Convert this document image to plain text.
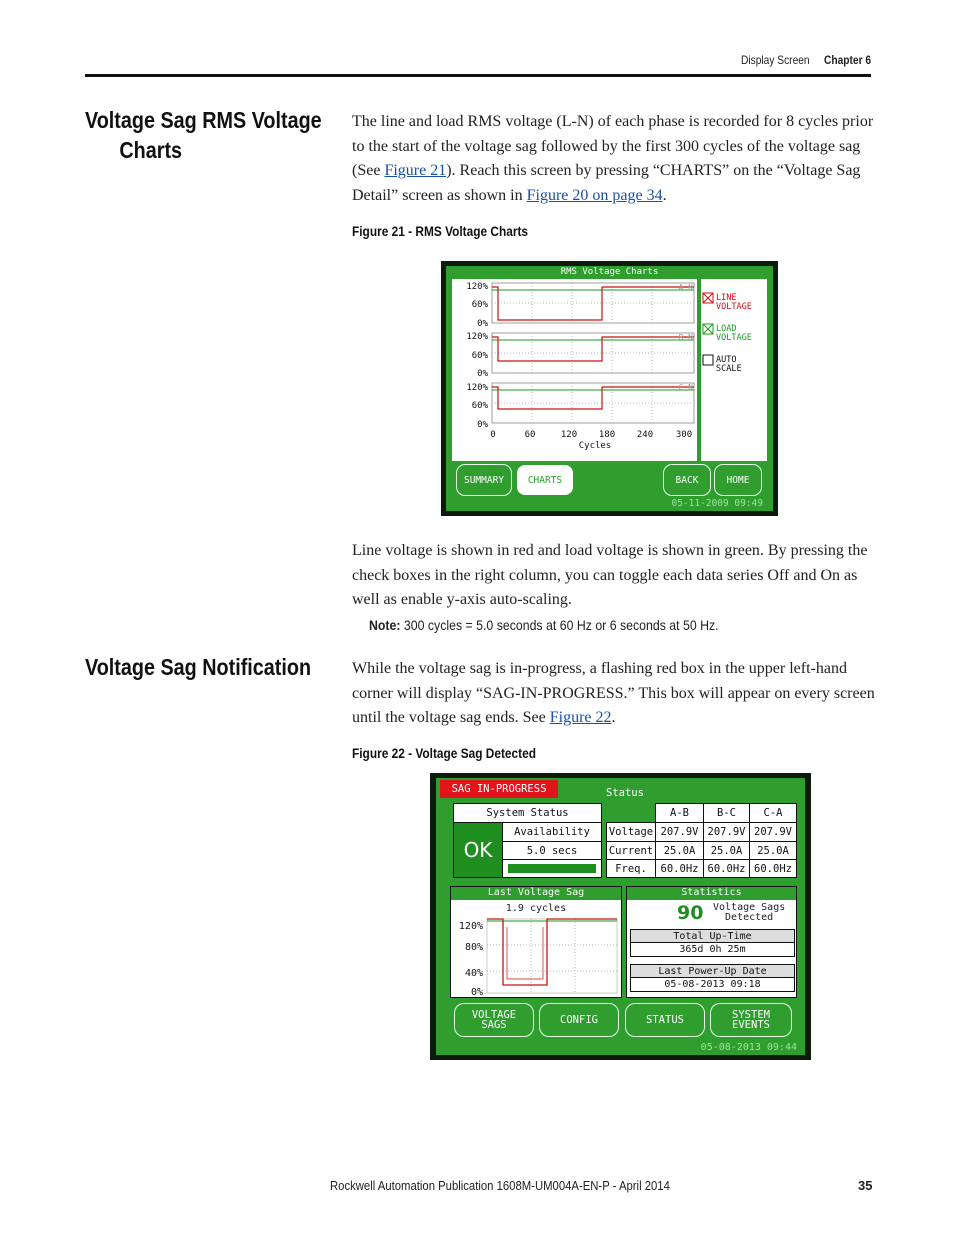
Display Screen Chapter 6
Voltage Sag RMS Voltage
Charts
The line and load RMS voltage (L-N) of each phase is recorded for 8 cycles prior
to the start of the voltage sag followed by the first 300 cycles of the voltage sag
(See Figure 21). Reach this screen by pressing “CHARTS” on the “Voltage Sag
Detail” screen as shown in Figure 20 on page 34.
Figure 21 - RMS Voltage Charts
RMS Voltage Charts
120%
60%
0%
120%
60%
0%
120%
60%
0%
A-N
B-N
C-N
0	60	120 180 240	300
Cycles
LINE
VOLTAGE
LOAD
VOLTAGE
AUTO
SCALE
SUMMARY	CHARTS	BACK	HOME
05-11-2009 09:49
Line voltage is shown in red and load voltage is shown in green. By pressing the
check boxes in the right column, you can toggle each data series Off and On as
well as enable y-axis auto-scaling.
Note: 300 cycles = 5.0 seconds at 60 Hz or 6 seconds at 50 Hz.
Voltage Sag Notification	While the voltage sag is in-progress, a flashing red box in the upper left-hand
corner will display “SAG-IN-PROGRESS.” This box will appear on every screen
until the voltage sag ends. See Figure 22.
Figure 22 - Voltage Sag Detected
SAG IN-PROGRESS	Status
System Status
OK
Availability
5.0 secs
A-B	B-C	C-A
Voltage 207.9V 207.9V 207.9V
Current	25.0A	25.0A	25.0A
Freq.	60.0Hz 60.0Hz 60.0Hz
Last Voltage Sag
1.9 cycles
120%
80%
40%
0%
Statistics
90 Voltage Sags
Detected
Total Up-Time
365d 0h 25m
Last Power-Up Date
05-08-2013 09:18
VOLTAGE
SAGS	CONFIG	STATUS	SYSTEM
EVENTS
05-08-2013 09:44
Rockwell Automation Publication 1608M-UM004A-EN-P - April 2014	35
